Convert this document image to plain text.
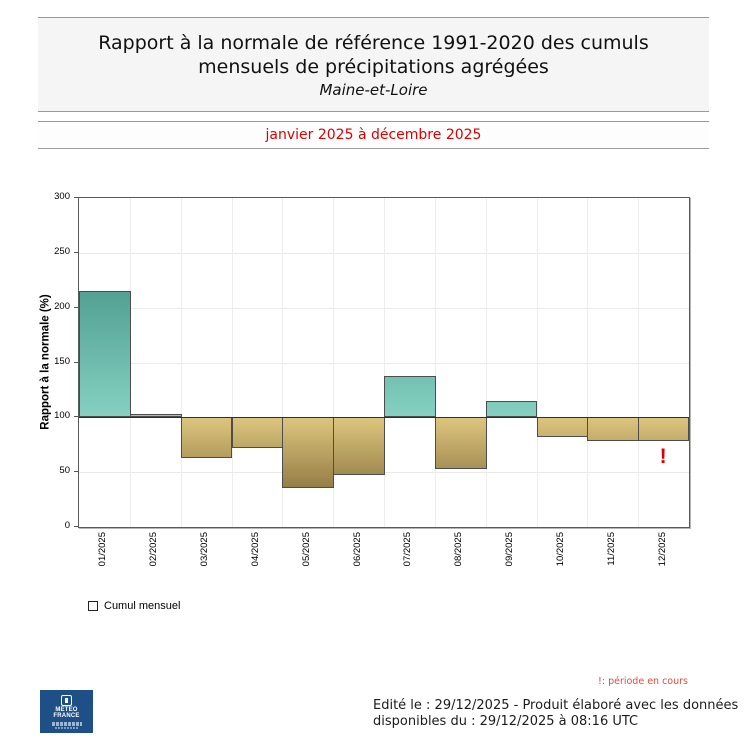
Rapport à la normale de référence 1991-2020 des cumuls
mensuels de précipitations agrégées
Maine-et-Loire
janvier 2025 à décembre 2025
Rapport à la normale (%)
!
Cumul mensuel
!: période en cours
METEO
FRANCE
Edité le : 29/12/2025 - Produit élaboré avec les données
disponibles du : 29/12/2025 à 08:16 UTC
0
50
100
150
200
250
300
01/2025	02/2025	03/2025	04/2025	05/2025	06/2025	07/2025	08/2025	09/2025	10/2025	11/2025	12/2025
